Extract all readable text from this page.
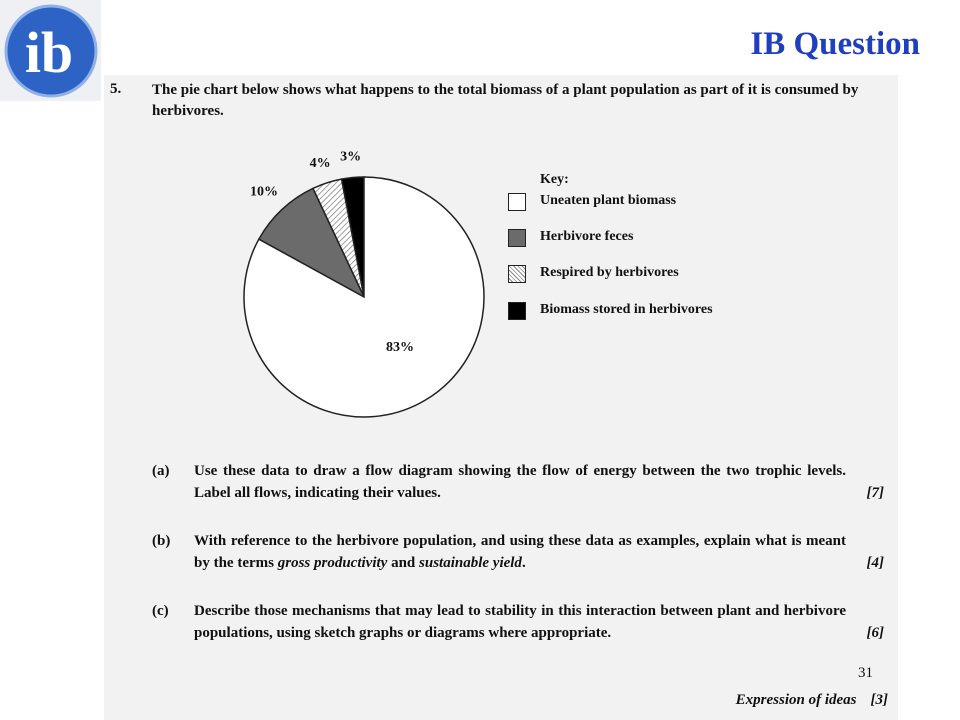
ib	IB Question
5. The pie chart below shows what happens to the total biomass of a plant population as part of it is consumed by herbivores.
3%
4%
10%
83%
Key:
Uneaten plant biomass
Herbivore feces
Respired by herbivores
Biomass stored in herbivores
(a) Use these data to draw a flow diagram showing the flow of energy between the two trophic levels. Label all flows, indicating their values.	[7]
(b) With reference to the herbivore population, and using these data as examples, explain what is meant by the terms gross productivity and sustainable yield.	[4]
(c) Describe those mechanisms that may lead to stability in this interaction between plant and herbivore populations, using sketch graphs or diagrams where appropriate.	[6]
31
Expression of ideas [3]
